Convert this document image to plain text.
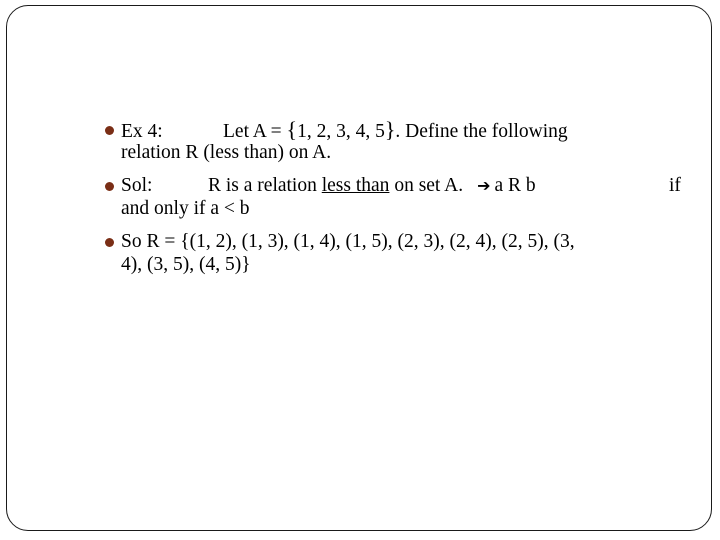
Ex 4:	Let A = {1, 2, 3, 4, 5}. Define the following
relation R (less than) on A.
Sol:	R is a relation less than on set A. ➔ a R b	if
and only if a < b
So R = {(1, 2), (1, 3), (1, 4), (1, 5), (2, 3), (2, 4), (2, 5), (3,
4), (3, 5), (4, 5)}
